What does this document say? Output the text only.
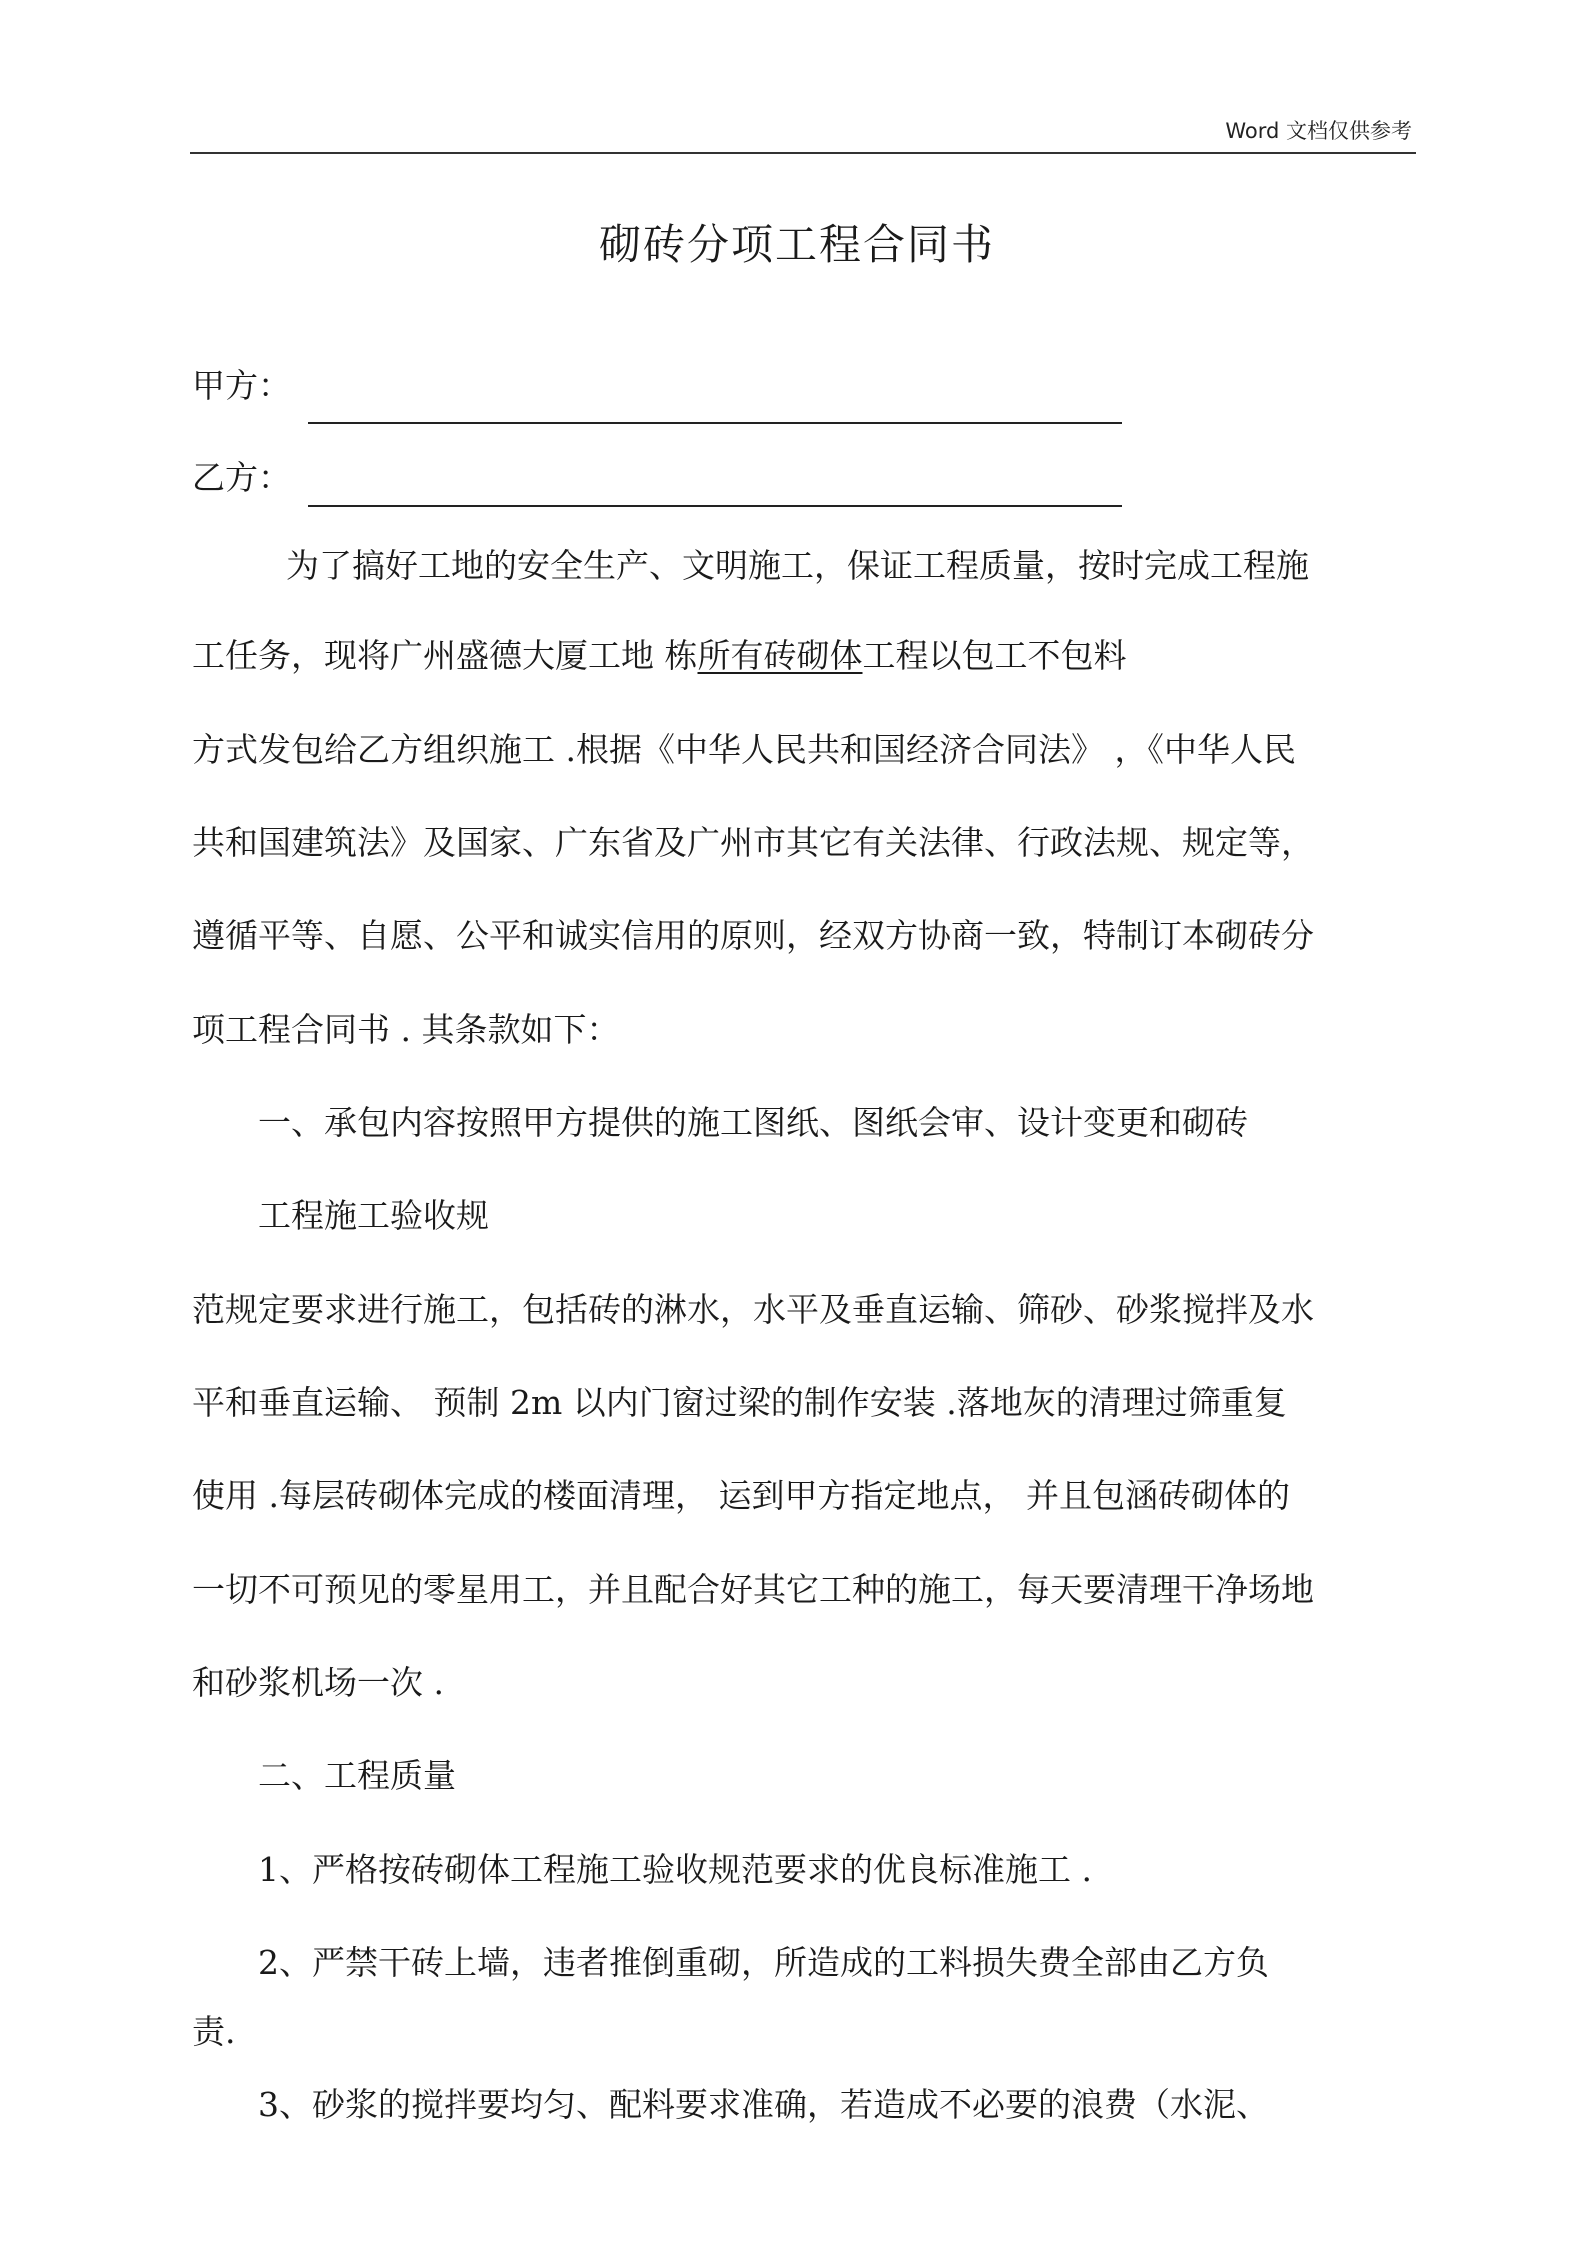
Word 文档仅供参考
砌砖分项工程合同书
甲方：
乙方：
为了搞好工地的安全生产、文明施工，保证工程质量，按时完成工程施
工任务，现将广州盛德大厦工地 栋所有砖砌体工程以包工不包料
方式发包给乙方组织施工 .根据《中华人民共和国经济合同法》 ，《中华人民
共和国建筑法》及国家、广东省及广州市其它有关法律、行政法规、规定等，
遵循平等、自愿、公平和诚实信用的原则，经双方协商一致，特制订本砌砖分
项工程合同书 . 其条款如下：
一、承包内容按照甲方提供的施工图纸、图纸会审、设计变更和砌砖
工程施工验收规
范规定要求进行施工，包括砖的淋水，水平及垂直运输、筛砂、砂浆搅拌及水
平和垂直运输、 预制 2m 以内门窗过梁的制作安装 .落地灰的清理过筛重复
使用 .每层砖砌体完成的楼面清理， 运到甲方指定地点， 并且包涵砖砌体的
一切不可预见的零星用工，并且配合好其它工种的施工，每天要清理干净场地
和砂浆机场一次 .
二、工程质量
1、严格按砖砌体工程施工验收规范要求的优良标准施工 .
2、严禁干砖上墙，违者推倒重砌，所造成的工料损失费全部由乙方负
责.
3、砂浆的搅拌要均匀、配料要求准确，若造成不必要的浪费（水泥、
